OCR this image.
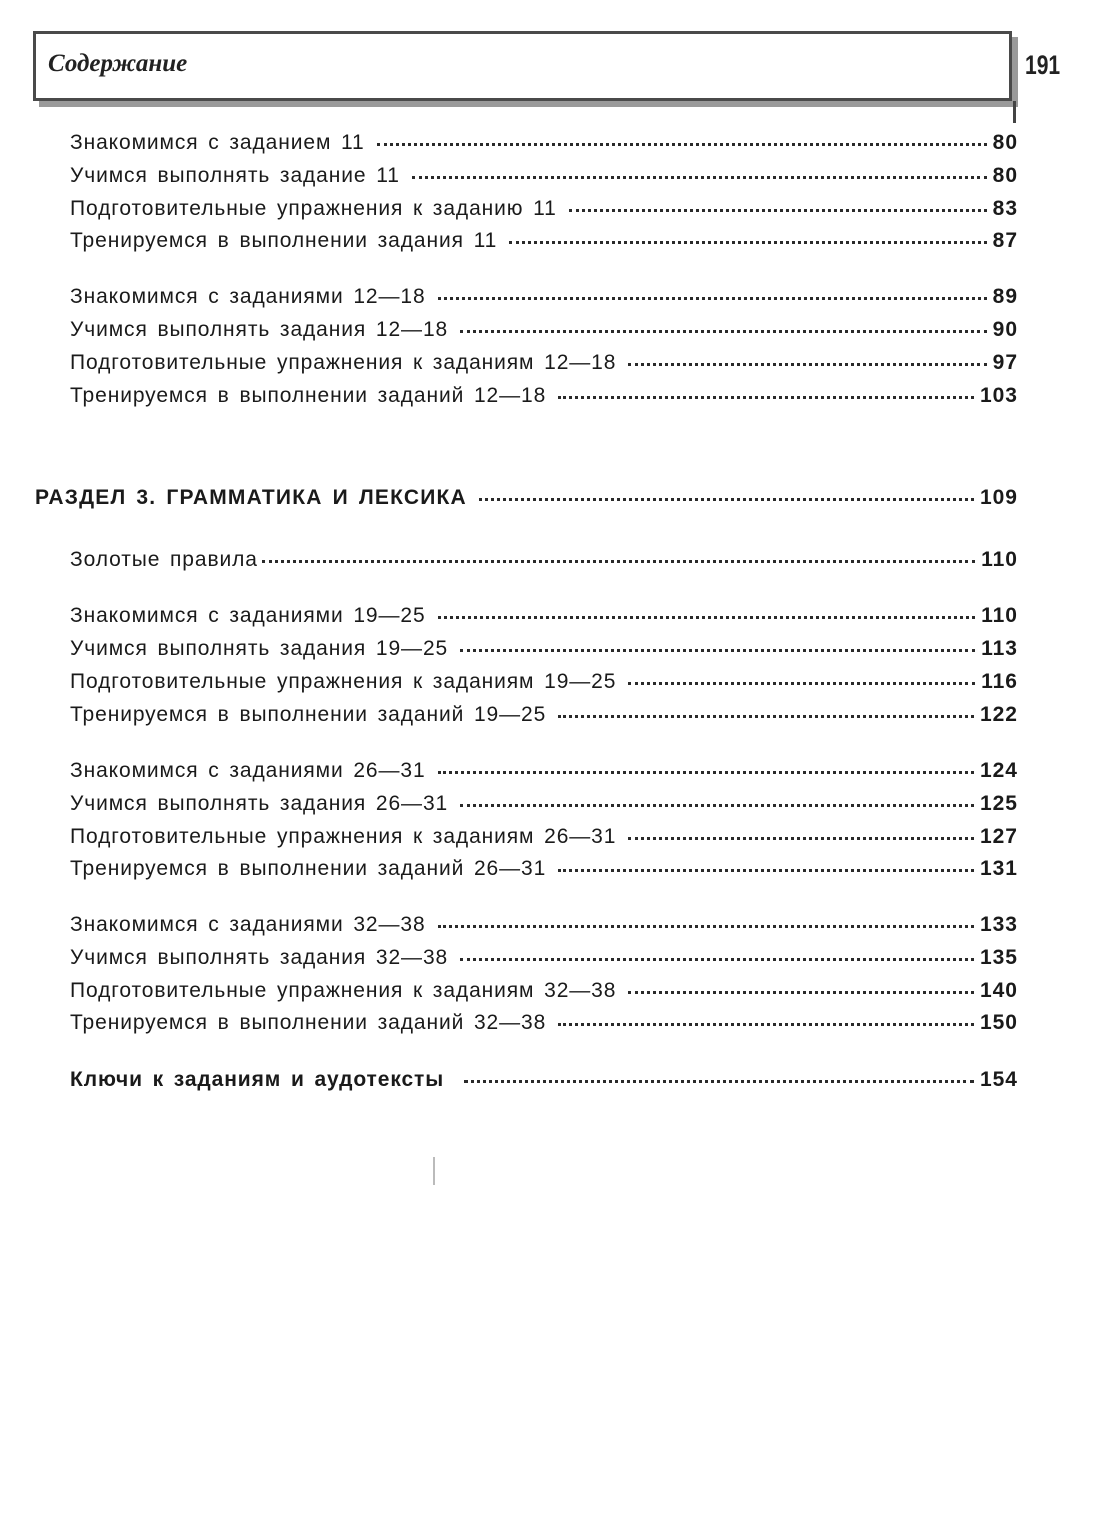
Содержание	191
Знакомимся с заданием 11	80
Учимся выполнять задание 11	80
Подготовительные упражнения к заданию 11	83
Тренируемся в выполнении задания 11	87
Знакомимся с заданиями 12—18	89
Учимся выполнять задания 12—18	90
Подготовительные упражнения к заданиям 12—18	97
Тренируемся в выполнении заданий 12—18	103
РАЗДЕЛ 3. ГРАММАТИКА И ЛЕКСИКА	109
Золотые правила	110
Знакомимся с заданиями 19—25	110
Учимся выполнять задания 19—25	113
Подготовительные упражнения к заданиям 19—25	116
Тренируемся в выполнении заданий 19—25	122
Знакомимся с заданиями 26—31	124
Учимся выполнять задания 26—31	125
Подготовительные упражнения к заданиям 26—31	127
Тренируемся в выполнении заданий 26—31	131
Знакомимся с заданиями 32—38	133
Учимся выполнять задания 32—38	135
Подготовительные упражнения к заданиям 32—38	140
Тренируемся в выполнении заданий 32—38	150
Ключи к заданиям и аудотексты	154
